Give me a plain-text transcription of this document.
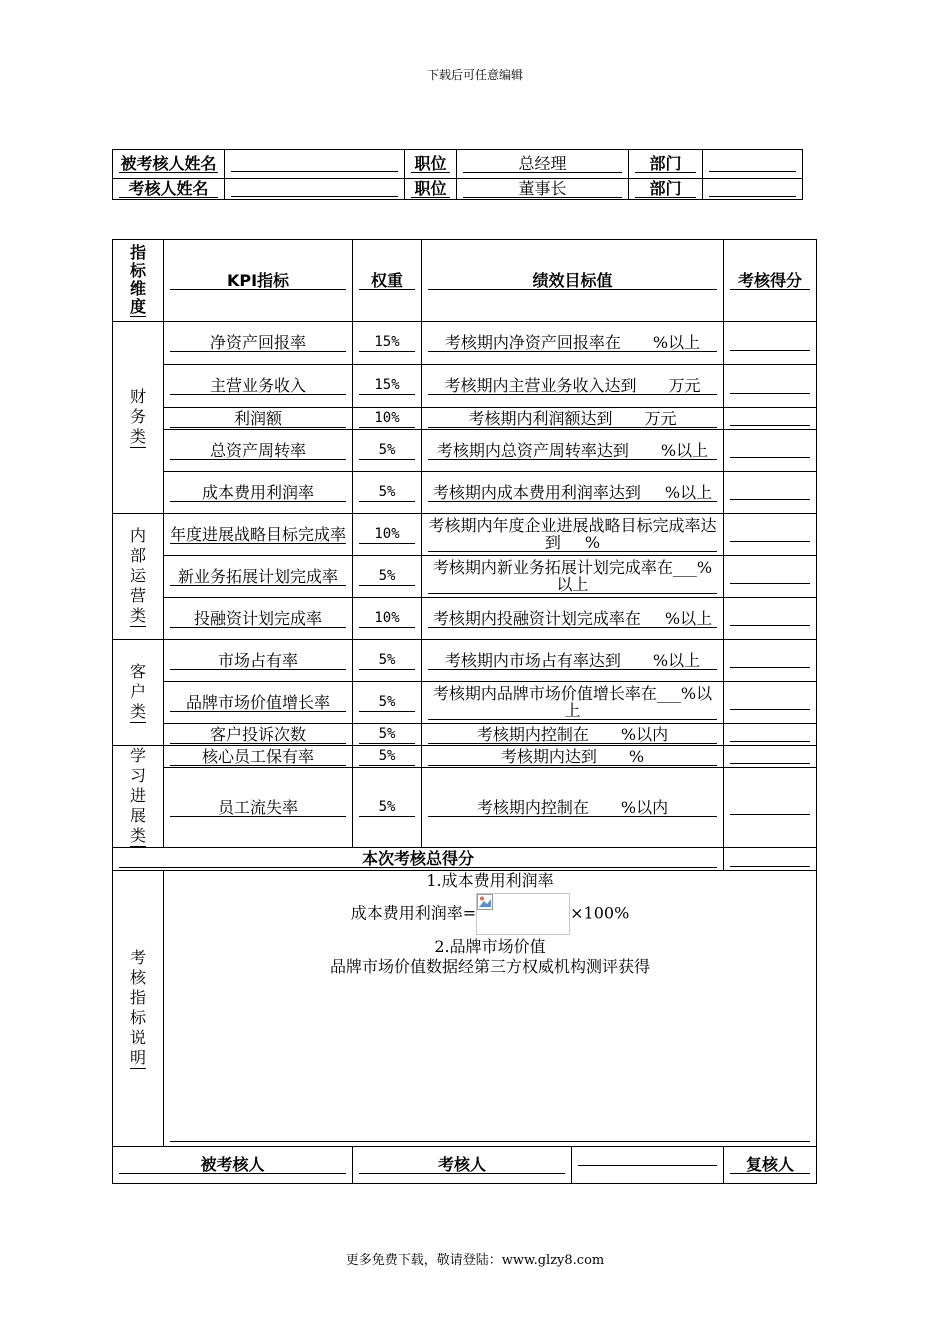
下载后可任意编辑
被考核人姓名		职位	总经理	部门	

考核人姓名		职位	董事长	部门	

指标维度	KPI指标	权重	绩效目标值	考核得分

财务类	净资产回报率	15%	考核期内净资产回报率在____%以上	

	主营业务收入	15%	考核期内主营业务收入达到____万元	

	利润额	10%	考核期内利润额达到____万元	

	总资产周转率	5%	考核期内总资产周转率达到____%以上	

	成本费用利润率	5%	考核期内成本费用利润率达到___%以上	

内部运营类	年度进展战略目标完成率	10%	考核期内年度企业进展战略目标完成率达到___%	

	新业务拓展计划完成率	5%	考核期内新业务拓展计划完成率在___%以上	

	投融资计划完成率	10%	考核期内投融资计划完成率在___%以上	

客户类	市场占有率	5%	考核期内市场占有率达到____%以上	

	品牌市场价值增长率	5%	考核期内品牌市场价值增长率在___%以上	

	客户投诉次数	5%	考核期内控制在____%以内	

学习进展类	核心员工保有率	5%	考核期内达到____%	

	员工流失率	5%	考核期内控制在____%以内	

本次考核总得分				

考核指标说明	1.成本费用利润率
成本费用利润率= ×100%
2.品牌市场价值
品牌市场价值数据经第三方权威机构测评获得			

被考核人		考核人		复核人
更多免费下载，敬请登陆：www.glzy8.com
